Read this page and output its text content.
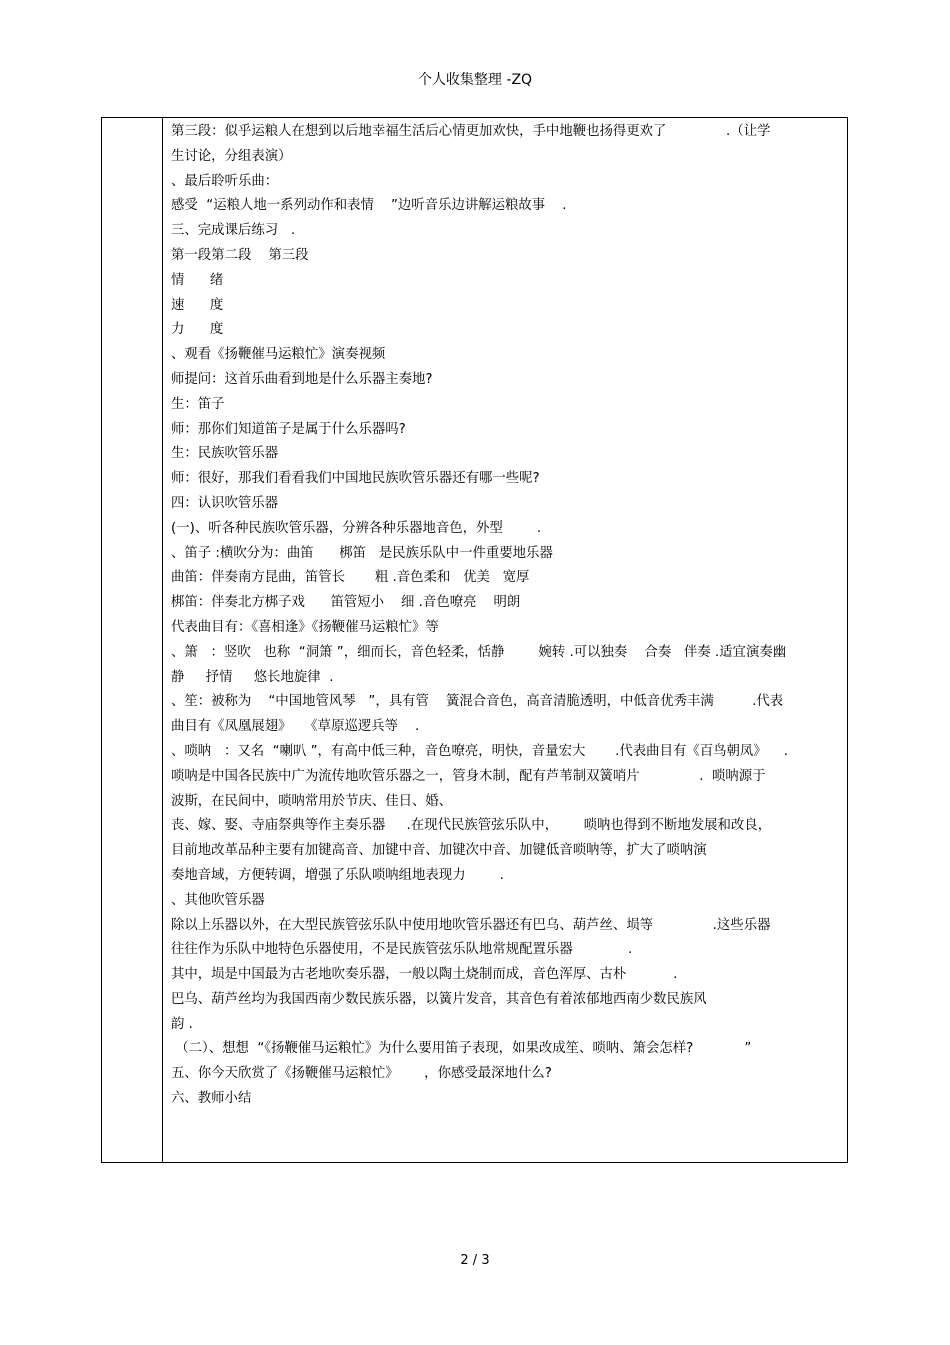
个人收集整理 -ZQ
第三段：似乎运粮人在想到以后地幸福生活后心情更加欢快，手中地鞭也扬得更欢了              .（让学
生讨论，分组表演）
、最后聆听乐曲：
感受  “运粮人地一系列动作和表情    ”边听音乐边讲解运粮故事    .
三、完成课后练习   .
第一段第二段    第三段
情      绪
速      度
力      度
、观看《扬鞭催马运粮忙》演奏视频
师提问：这首乐曲看到地是什么乐器主奏地?
生：笛子
师：那你们知道笛子是属于什么乐器吗?
生：民族吹管乐器
师：很好，那我们看看我们中国地民族吹管乐器还有哪一些呢?
四：认识吹管乐器
(一)、听各种民族吹管乐器，分辨各种乐器地音色，外型        .
、笛子 :横吹分为：曲笛      梆笛   是民族乐队中一件重要地乐器
曲笛：伴奏南方昆曲，笛管长       粗 .音色柔和   优美   宽厚
梆笛：伴奏北方梆子戏      笛管短小    细 .音色嘹亮    明朗
代表曲目有：《喜相逢》《扬鞭催马运粮忙》等
、箫   ：竖吹   也称  “洞箫 ”，细而长，音色轻柔，恬静        婉转 .可以独奏    合奏   伴奏 .适宜演奏幽
静     抒情     悠长地旋律  .
、笙：被称为    “中国地管风琴   ”，具有管    簧混合音色，高音清脆透明，中低音优秀丰满         .代表
曲目有《凤凰展翅》   《草原巡逻兵等    .
、唢呐   ：又名  “喇叭 ”，有高中低三种，音色嘹亮，明快，音量宏大       .代表曲目有《百鸟朝凤》    .
唢呐是中国各民族中广为流传地吹管乐器之一，管身木制，配有芦苇制双簧哨片              .  唢呐源于
波斯，在民间中，唢呐常用於节庆、佳日、婚、
丧、嫁、娶、寺庙祭典等作主奏乐器     .在现代民族管弦乐队中，      唢呐也得到不断地发展和改良，
目前地改革品种主要有加键高音、加键中音、加键次中音、加键低音唢呐等，扩大了唢呐演
奏地音域，方便转调，增强了乐队唢呐组地表现力        .
、其他吹管乐器
除以上乐器以外，在大型民族管弦乐队中使用地吹管乐器还有巴乌、葫芦丝、埙等              .这些乐器
往往作为乐队中地特色乐器使用，不是民族管弦乐队地常规配置乐器             .
其中，埙是中国最为古老地吹奏乐器，一般以陶土烧制而成，音色浑厚、古朴           .
巴乌、葫芦丝均为我国西南少数民族乐器，以簧片发音，其音色有着浓郁地西南少数民族风
韵 .
（二）、想想  “《扬鞭催马运粮忙》为什么要用笛子表现，如果改成笙、唢呐、箫会怎样?            ”
五、你今天欣赏了《扬鞭催马运粮忙》      ，你感受最深地什么?
六、教师小结
2 / 3
